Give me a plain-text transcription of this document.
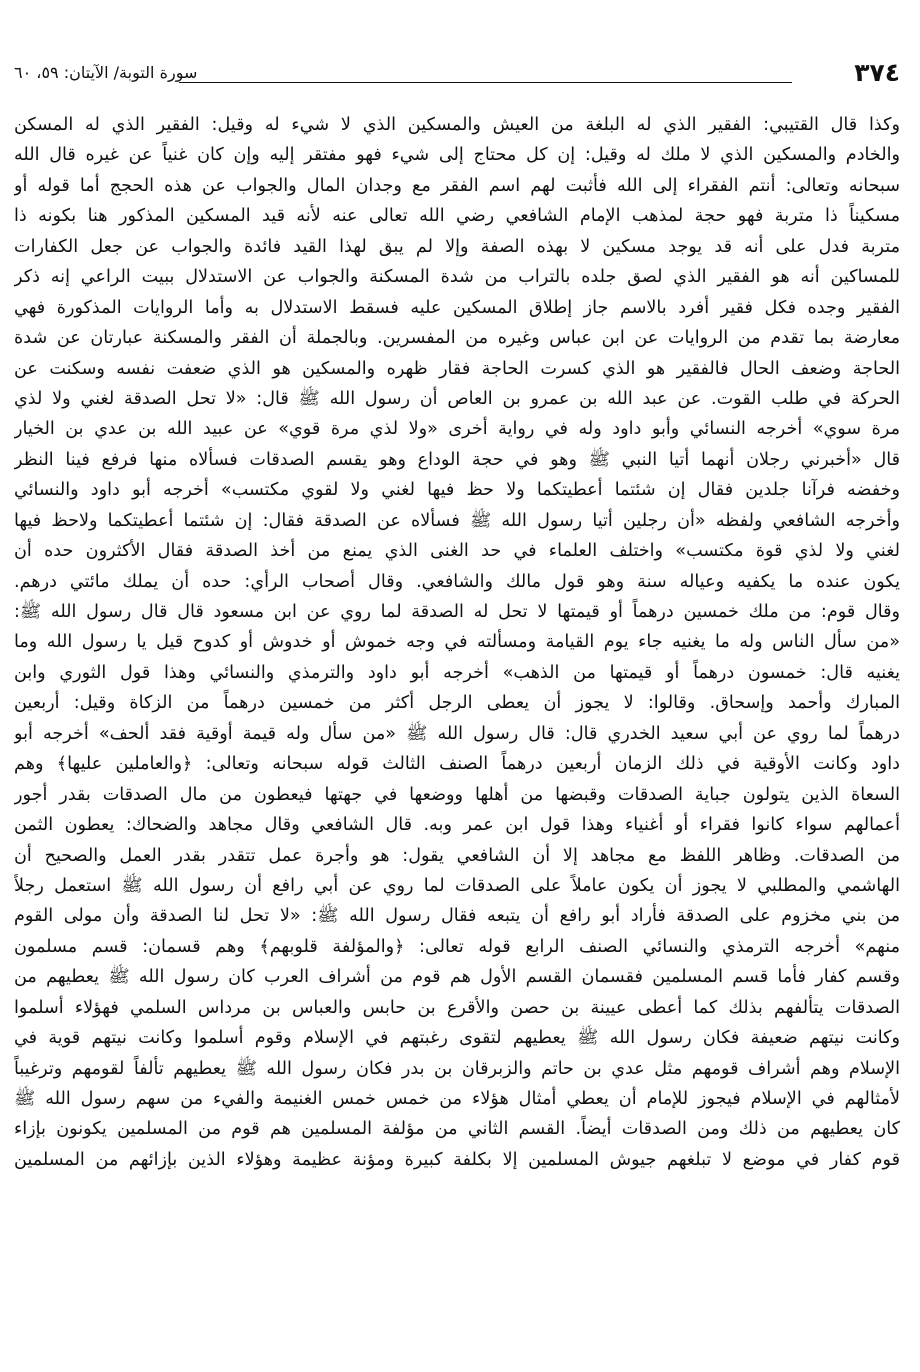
٣٧٤
سورة التوبة/ الآيتان: ٥٩، ٦٠
وكذا قال القتيبي: الفقير الذي له البلغة من العيش والمسكين الذي لا شيء له وقيل: الفقير الذي له المسكن
والخادم والمسكين الذي لا ملك له وقيل: إن كل محتاج إلى شيء فهو مفتقر إليه وإن كان غنياً عن غيره قال الله
سبحانه وتعالى: أنتم الفقراء إلى الله فأثبت لهم اسم الفقر مع وجدان المال والجواب عن هذه الحجج أما قوله أو
مسكيناً ذا متربة فهو حجة لمذهب الإمام الشافعي رضي الله تعالى عنه لأنه قيد المسكين المذكور هنا بكونه ذا
متربة فدل على أنه قد يوجد مسكين لا بهذه الصفة وإلا لم يبق لهذا القيد فائدة والجواب عن جعل الكفارات
للمساكين أنه هو الفقير الذي لصق جلده بالتراب من شدة المسكنة والجواب عن الاستدلال ببيت الراعي إنه ذكر
الفقير وجده فكل فقير أفرد بالاسم جاز إطلاق المسكين عليه فسقط الاستدلال به وأما الروايات المذكورة فهي
معارضة بما تقدم من الروايات عن ابن عباس وغيره من المفسرين. وبالجملة أن الفقر والمسكنة عبارتان عن شدة
الحاجة وضعف الحال فالفقير هو الذي كسرت الحاجة فقار ظهره والمسكين هو الذي ضعفت نفسه وسكنت عن
الحركة في طلب القوت. عن عبد الله بن عمرو بن العاص أن رسول الله ﷺ قال: «لا تحل الصدقة لغني ولا لذي
مرة سوي» أخرجه النسائي وأبو داود وله في رواية أخرى «ولا لذي مرة قوي» عن عبيد الله بن عدي بن الخيار
قال «أخبرني رجلان أنهما أتيا النبي ﷺ وهو في حجة الوداع وهو يقسم الصدقات فسألاه منها فرفع فينا النظر
وخفضه فرآنا جلدين فقال إن شئتما أعطيتكما ولا حظ فيها لغني ولا لقوي مكتسب» أخرجه أبو داود والنسائي
وأخرجه الشافعي ولفظه «أن رجلين أتيا رسول الله ﷺ فسألاه عن الصدقة فقال: إن شئتما أعطيتكما ولاحظ فيها
لغني ولا لذي قوة مكتسب» واختلف العلماء في حد الغنى الذي يمنع من أخذ الصدقة فقال الأكثرون حده أن
يكون عنده ما يكفيه وعياله سنة وهو قول مالك والشافعي. وقال أصحاب الرأي: حده أن يملك مائتي درهم.
وقال قوم: من ملك خمسين درهماً أو قيمتها لا تحل له الصدقة لما روي عن ابن مسعود قال قال رسول الله ﷺ:
«من سأل الناس وله ما يغنيه جاء يوم القيامة ومسألته في وجه خموش أو خدوش أو كدوح قيل يا رسول الله وما
يغنيه قال: خمسون درهماً أو قيمتها من الذهب» أخرجه أبو داود والترمذي والنسائي وهذا قول الثوري وابن
المبارك وأحمد وإسحاق. وقالوا: لا يجوز أن يعطى الرجل أكثر من خمسين درهماً من الزكاة وقيل: أربعين
درهماً لما روي عن أبي سعيد الخدري قال: قال رسول الله ﷺ «من سأل وله قيمة أوقية فقد ألحف» أخرجه أبو
داود وكانت الأوقية في ذلك الزمان أربعين درهماً الصنف الثالث قوله سبحانه وتعالى: ﴿والعاملين عليها﴾ وهم
السعاة الذين يتولون جباية الصدقات وقبضها من أهلها ووضعها في جهتها فيعطون من مال الصدقات بقدر أجور
أعمالهم سواء كانوا فقراء أو أغنياء وهذا قول ابن عمر وبه. قال الشافعي وقال مجاهد والضحاك: يعطون الثمن
من الصدقات. وظاهر اللفظ مع مجاهد إلا أن الشافعي يقول: هو وأجرة عمل تتقدر بقدر العمل والصحيح أن
الهاشمي والمطلبي لا يجوز أن يكون عاملاً على الصدقات لما روي عن أبي رافع أن رسول الله ﷺ استعمل رجلاً
من بني مخزوم على الصدقة فأراد أبو رافع أن يتبعه فقال رسول الله ﷺ: «لا تحل لنا الصدقة وأن مولى القوم
منهم» أخرجه الترمذي والنسائي الصنف الرابع قوله تعالى: ﴿والمؤلفة قلوبهم﴾ وهم قسمان: قسم مسلمون
وقسم كفار فأما قسم المسلمين فقسمان القسم الأول هم قوم من أشراف العرب كان رسول الله ﷺ يعطيهم من
الصدقات يتألفهم بذلك كما أعطى عيينة بن حصن والأقرع بن حابس والعباس بن مرداس السلمي فهؤلاء أسلموا
وكانت نيتهم ضعيفة فكان رسول الله ﷺ يعطيهم لتقوى رغبتهم في الإسلام وقوم أسلموا وكانت نيتهم قوية في
الإسلام وهم أشراف قومهم مثل عدي بن حاتم والزبرقان بن بدر فكان رسول الله ﷺ يعطيهم تألفاً لقومهم وترغيباً
لأمثالهم في الإسلام فيجوز للإمام أن يعطي أمثال هؤلاء من خمس خمس الغنيمة والفيء من سهم رسول الله ﷺ
كان يعطيهم من ذلك ومن الصدقات أيضاً. القسم الثاني من مؤلفة المسلمين هم قوم من المسلمين يكونون بإزاء
قوم كفار في موضع لا تبلغهم جيوش المسلمين إلا بكلفة كبيرة ومؤنة عظيمة وهؤلاء الذين بإزائهم من المسلمين
